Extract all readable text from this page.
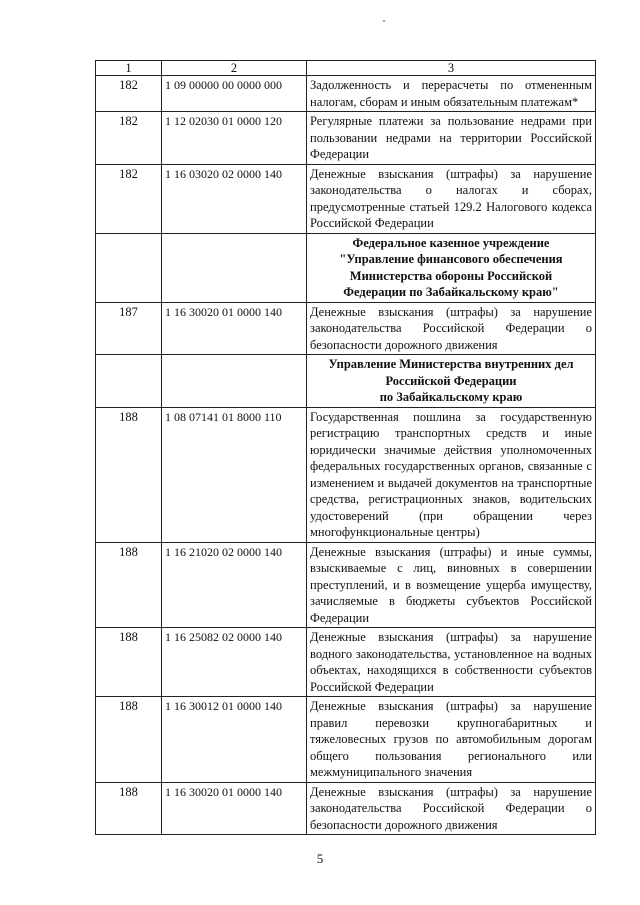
1	2	3
182	1 09 00000 00 0000 000	Задолженность и перерасчеты по отмененным налогам, сборам и иным обязательным платежам*
182	1 12 02030 01 0000 120	Регулярные платежи за пользование недрами при пользовании недрами на территории Российской Федерации
182	1 16 03020 02 0000 140	Денежные взыскания (штрафы) за нарушение законодательства о налогах и сборах, предусмотренные статьей 129.2 Налогового кодекса Российской Федерации

		Федеральное казенное учреждение
"Управление финансового обеспечения
Министерства обороны Российской
Федерации по Забайкальскому краю"

187	1 16 30020 01 0000 140	Денежные взыскания (штрафы) за нарушение законодательства Российской Федерации о безопасности дорожного движения

		Управление Министерства внутренних дел
Российской Федерации
по Забайкальскому краю

188	1 08 07141 01 8000 110	Государственная пошлина за государственную регистрацию транспортных средств и иные юридически значимые действия уполномоченных федеральных государственных органов, связанные с изменением и выдачей документов на транспортные средства, регистрационных знаков, водительских удостоверений (при обращении через многофункциональные центры)
188	1 16 21020 02 0000 140	Денежные взыскания (штрафы) и иные суммы, взыскиваемые с лиц, виновных в совершении преступлений, и в возмещение ущерба имуществу, зачисляемые в бюджеты субъектов Российской Федерации
188	1 16 25082 02 0000 140	Денежные взыскания (штрафы) за нарушение водного законодательства, установленное на водных объектах, находящихся в собственности субъектов Российской Федерации
188	1 16 30012 01 0000 140	Денежные взыскания (штрафы) за нарушение правил перевозки крупногабаритных и тяжеловесных грузов по автомобильным дорогам общего пользования регионального или межмуниципального значения
188	1 16 30020 01 0000 140	Денежные взыскания (штрафы) за нарушение законодательства Российской Федерации о безопасности дорожного движения
5
